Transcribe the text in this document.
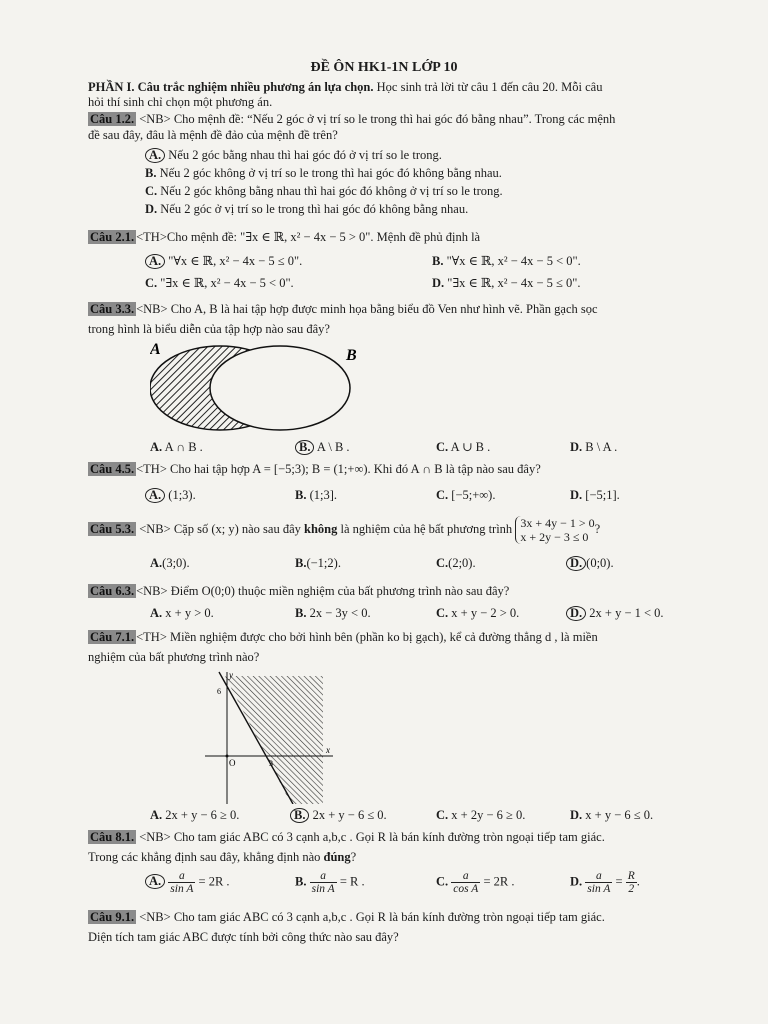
ĐỀ ÔN HK1-1N LỚP 10
PHẦN I. Câu trắc nghiệm nhiều phương án lựa chọn. Học sinh trả lời từ câu 1 đến câu 20. Mỗi câu
hỏi thí sinh chỉ chọn một phương án.
Câu 1.2. <NB> Cho mệnh đề: “Nếu 2 góc ở vị trí so le trong thì hai góc đó bằng nhau”. Trong các mệnh
đề sau đây, đâu là mệnh đề đảo của mệnh đề trên?
A. Nếu 2 góc bằng nhau thì hai góc đó ở vị trí so le trong.
B. Nếu 2 góc không ở vị trí so le trong thì hai góc đó không bằng nhau.
C. Nếu 2 góc không bằng nhau thì hai góc đó không ở vị trí so le trong.
D. Nếu 2 góc ở vị trí so le trong thì hai góc đó không bằng nhau.
Câu 2.1. <TH>Cho mệnh đề: "∃x ∈ ℝ, x² − 4x − 5 > 0". Mệnh đề phủ định là
A. "∀x ∈ ℝ, x² − 4x − 5 ≤ 0".	B. "∀x ∈ ℝ, x² − 4x − 5 < 0".
C. "∃x ∈ ℝ, x² − 4x − 5 < 0".	D. "∃x ∈ ℝ, x² − 4x − 5 ≤ 0".
Câu 3.3. <NB> Cho A, B là hai tập hợp được minh họa bằng biểu đồ Ven như hình vẽ. Phần gạch sọc
trong hình là biểu diễn của tập hợp nào sau đây?
A	B
A. A ∩ B .	B. A \ B .	C. A ∪ B .	D. B \ A .
Câu 4.5. <TH> Cho hai tập hợp A = [−5;3); B = (1;+∞). Khi đó A ∩ B là tập nào sau đây?
A. (1;3).	B. (1;3].	C. [−5;+∞).	D. [−5;1].
Câu 5.3. <NB> Cặp số (x; y) nào sau đây không là nghiệm của hệ bất phương trình 3x + 4y − 1 > 0
x + 2y − 3 ≤ 0
?
A.(3;0).	B.(−1;2).	C.(2;0).	D. (0;0).
Câu 6.3. <NB> Điểm O(0;0) thuộc miền nghiệm của bất phương trình nào sau đây?
A. x + y > 0.	B. 2x − 3y < 0.	C. x + y − 2 > 0.	D. 2x + y − 1 < 0.
Câu 7.1. <TH> Miền nghiệm được cho bởi hình bên (phần ko bị gạch), kể cả đường thẳng d , là miền
nghiệm của bất phương trình nào?
y
x
O
6
3
A. 2x + y − 6 ≥ 0.	B. 2x + y − 6 ≤ 0.	C. x + 2y − 6 ≥ 0.	D. x + y − 6 ≤ 0.
Câu 8.1. <NB> Cho tam giác ABC có 3 cạnh a,b,c . Gọi R là bán kính đường tròn ngoại tiếp tam giác.
Trong các khẳng định sau đây, khẳng định nào đúng?
A. $\frac{a}{\text{sin A}} = 2R$ .	B. $\frac{a}{\text{sin A}} = R$ .	C. $\frac{a}{\text{cos A}} = 2R$ .	D. $\frac{a}{\text{sin A}} = \frac{R}{2}$ .
Câu 9.1. <NB> Cho tam giác ABC có 3 cạnh a,b,c . Gọi R là bán kính đường tròn ngoại tiếp tam giác.
Diện tích tam giác ABC được tính bởi công thức nào sau đây?
